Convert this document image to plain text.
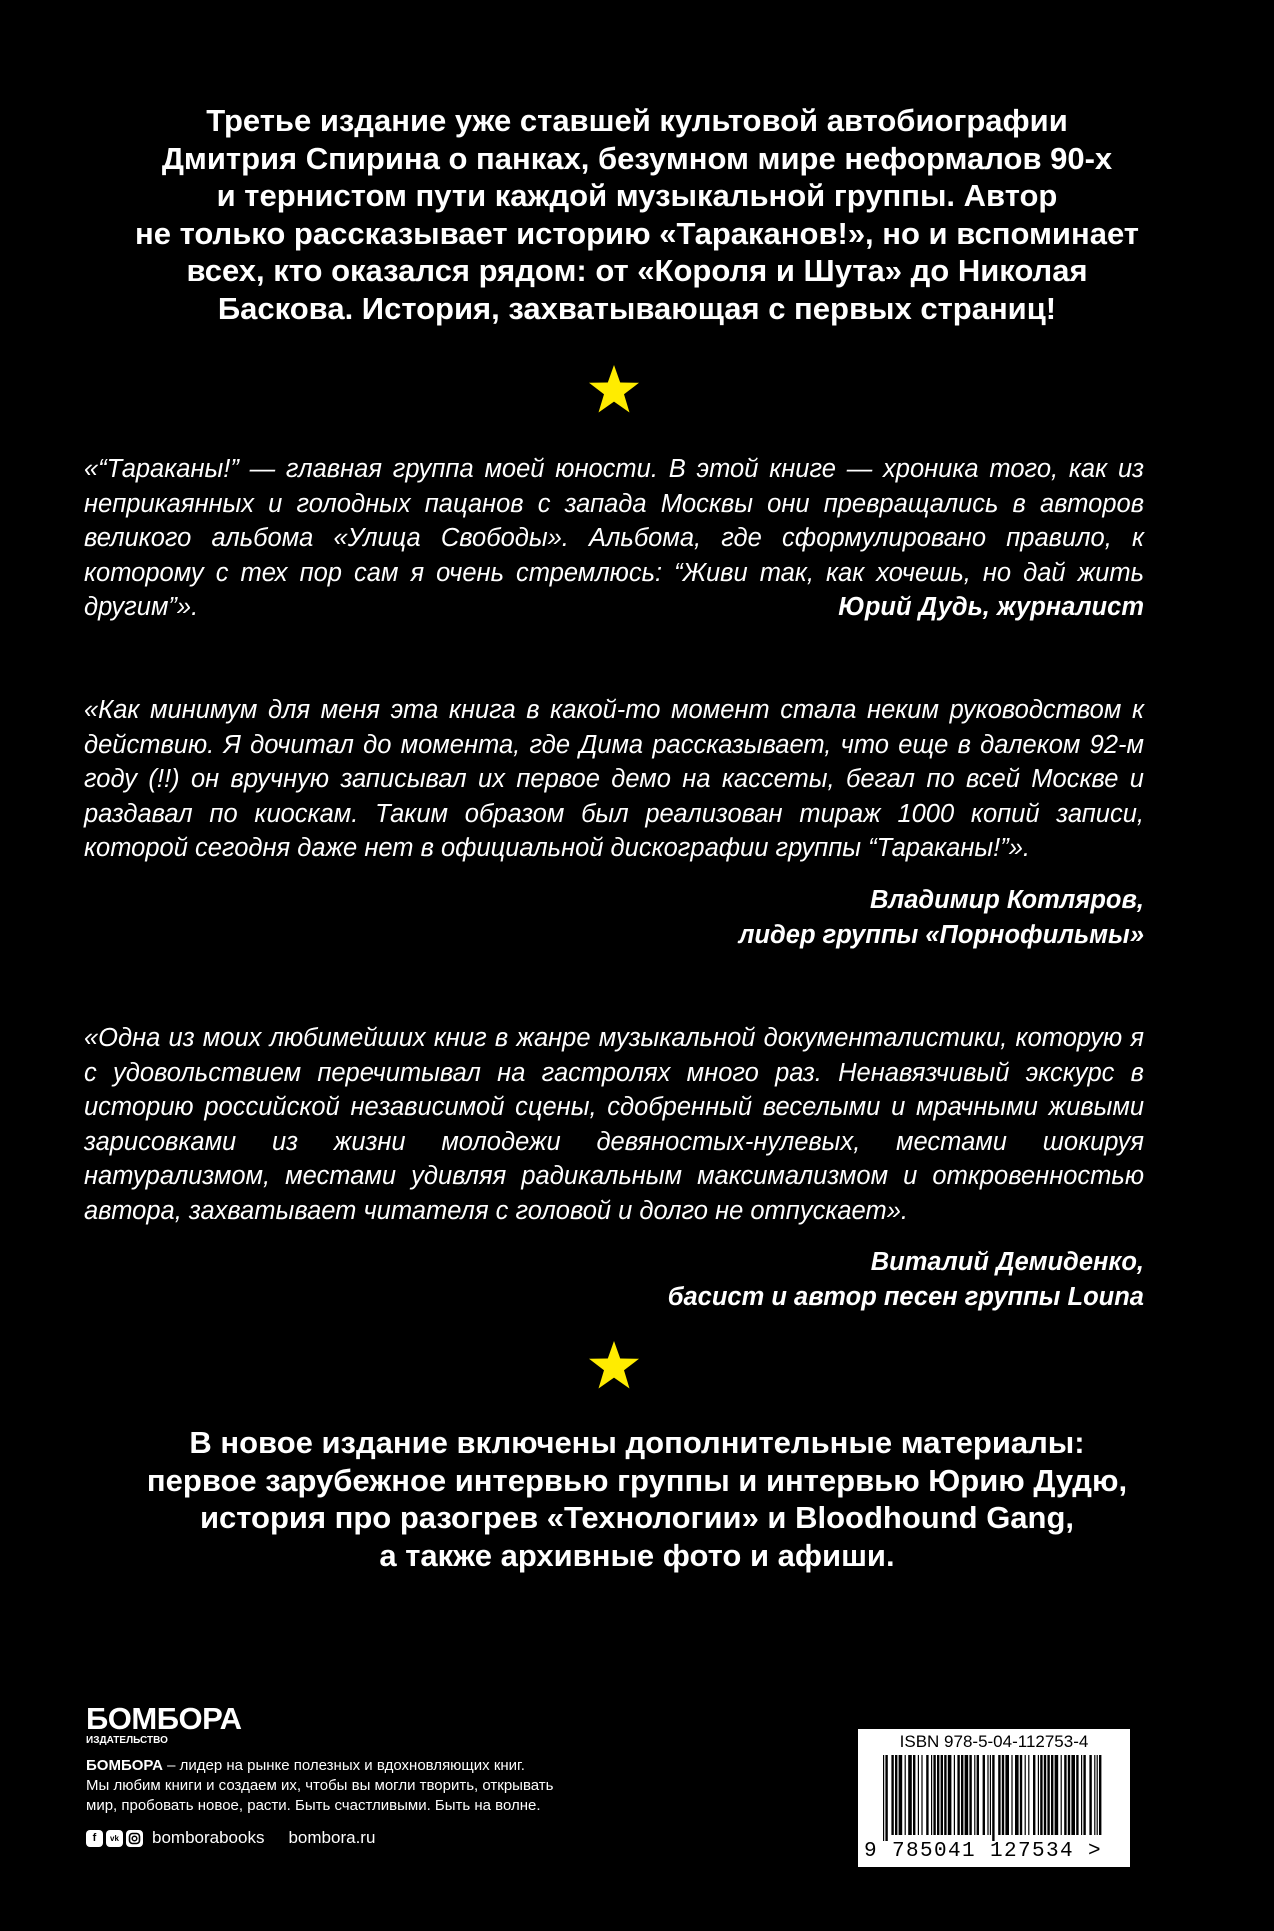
Третье издание уже ставшей культовой автобиографии
Дмитрия Спирина о панках, безумном мире неформалов 90-х
и тернистом пути каждой музыкальной группы. Автор
не только рассказывает историю «Тараканов!», но и вспоминает
всех, кто оказался рядом: от «Короля и Шута» до Николая
Баскова. История, захватывающая с первых страниц!

«“Тараканы!” — главная группа моей юности. В этой книге — хроника того, как из неприкаянных и голодных пацанов с запада Москвы они превращались в авторов великого альбома «Улица Свободы». Альбома, где сформулировано правило, к которому с тех пор сам я очень стремлюсь: “Живи так, как хочешь, но дай жить другим”».	Юрий Дудь, журналист

«Как минимум для меня эта книга в какой-то момент стала неким руководством к действию. Я дочитал до момента, где Дима рассказывает, что еще в далеком 92-м году (!!) он вручную записывал их первое демо на кассеты, бегал по всей Москве и раздавал по киоскам. Таким образом был реализован тираж 1000 копий записи, которой сегодня даже нет в официальной дискографии группы “Тараканы!”».

Владимир Котляров,
лидер группы «Порнофильмы»

«Одна из моих любимейших книг в жанре музыкальной документалистики, которую я с удовольствием перечитывал на гастролях много раз. Ненавязчивый экскурс в историю российской независимой сцены, сдобренный веселыми и мрачными живыми зарисовками из жизни молодежи девяностых-нулевых, местами шокируя натурализмом, местами удивляя радикальным максимализмом и откровенностью автора, захватывает читателя с головой и долго не отпускает».

Виталий Демиденко,
басист и автор песен группы Louna
В новое издание включены дополнительные материалы:
первое зарубежное интервью группы и интервью Юрию Дудю,
история про разогрев «Технологии» и Bloodhound Gang,
а также архивные фото и афиши.
БОМБОРА
ИЗДАТЕЛЬСТВО
БОМБОРА – лидер на рынке полезных и вдохновляющих книг.
Мы любим книги и создаем их, чтобы вы могли творить, открывать
мир, пробовать новое, расти. Быть счастливыми. Быть на волне.
f	vk bomborabooks bombora.ru
ISBN 978-5-04-112753-4
9 785041 127534 >
